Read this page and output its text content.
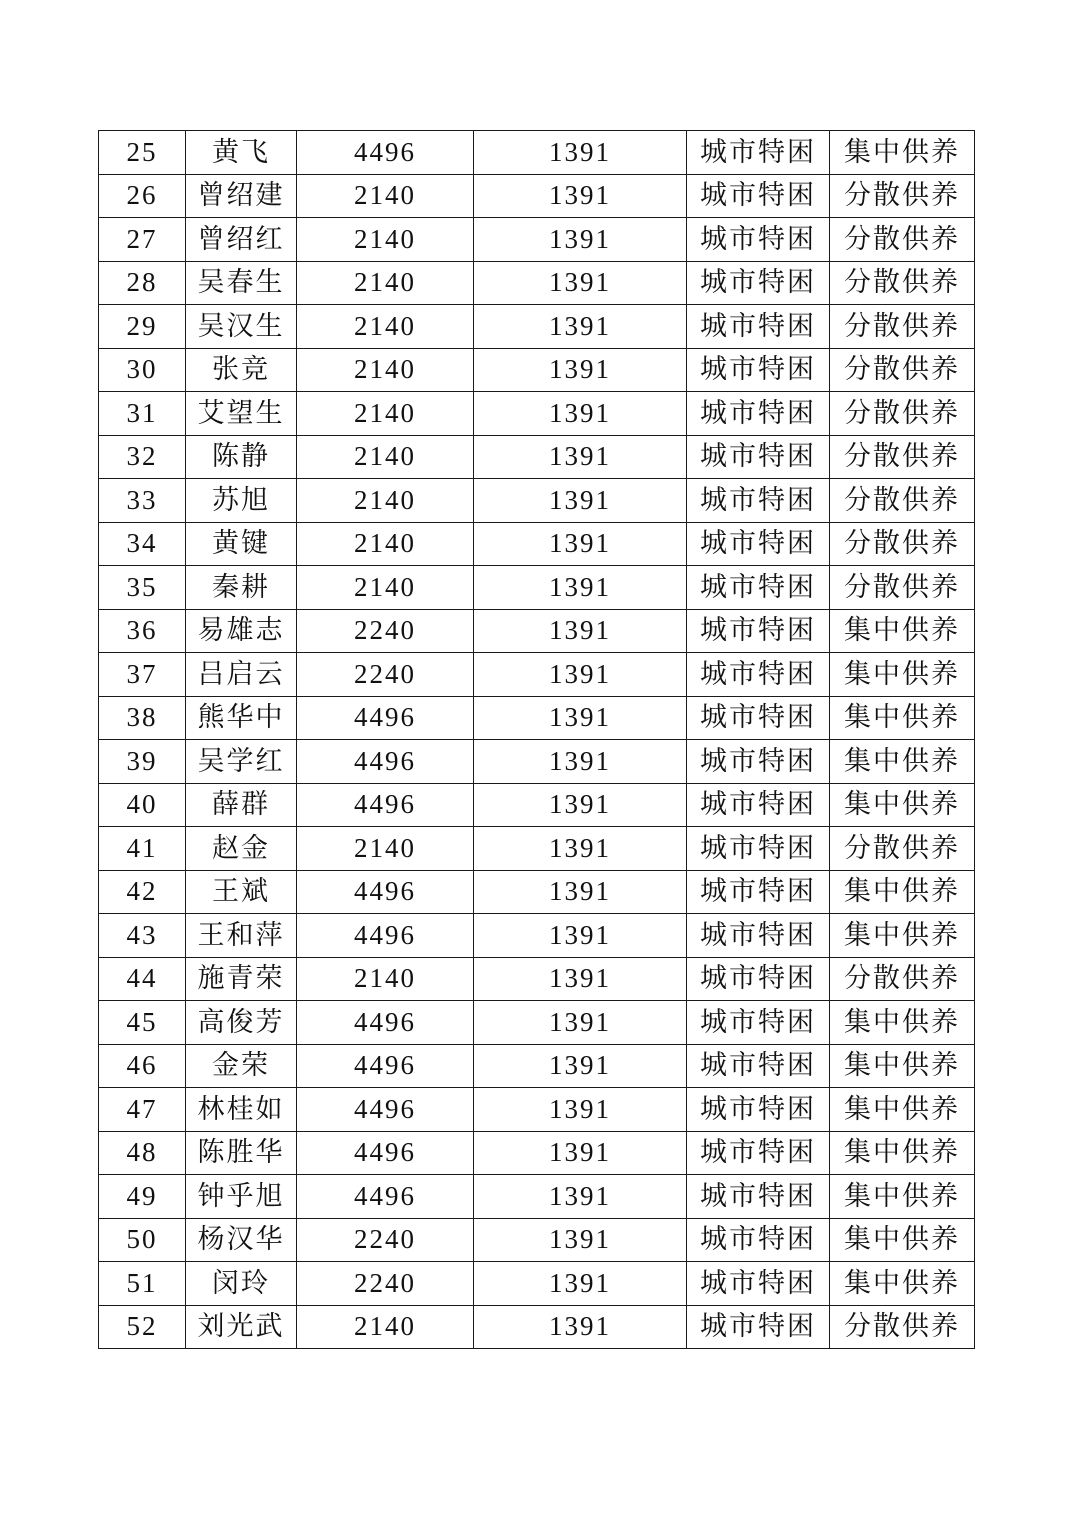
25	黄飞	4496	1391	城市特困	集中供养
26	曾绍建	2140	1391	城市特困	分散供养
27	曾绍红	2140	1391	城市特困	分散供养
28	吴春生	2140	1391	城市特困	分散供养
29	吴汉生	2140	1391	城市特困	分散供养
30	张竞	2140	1391	城市特困	分散供养
31	艾望生	2140	1391	城市特困	分散供养
32	陈静	2140	1391	城市特困	分散供养
33	苏旭	2140	1391	城市特困	分散供养
34	黄键	2140	1391	城市特困	分散供养
35	秦耕	2140	1391	城市特困	分散供养
36	易雄志	2240	1391	城市特困	集中供养
37	吕启云	2240	1391	城市特困	集中供养
38	熊华中	4496	1391	城市特困	集中供养
39	吴学红	4496	1391	城市特困	集中供养
40	薛群	4496	1391	城市特困	集中供养
41	赵金	2140	1391	城市特困	分散供养
42	王斌	4496	1391	城市特困	集中供养
43	王和萍	4496	1391	城市特困	集中供养
44	施青荣	2140	1391	城市特困	分散供养
45	高俊芳	4496	1391	城市特困	集中供养
46	金荣	4496	1391	城市特困	集中供养
47	林桂如	4496	1391	城市特困	集中供养
48	陈胜华	4496	1391	城市特困	集中供养
49	钟乎旭	4496	1391	城市特困	集中供养
50	杨汉华	2240	1391	城市特困	集中供养
51	闵玲	2240	1391	城市特困	集中供养
52	刘光武	2140	1391	城市特困	分散供养
